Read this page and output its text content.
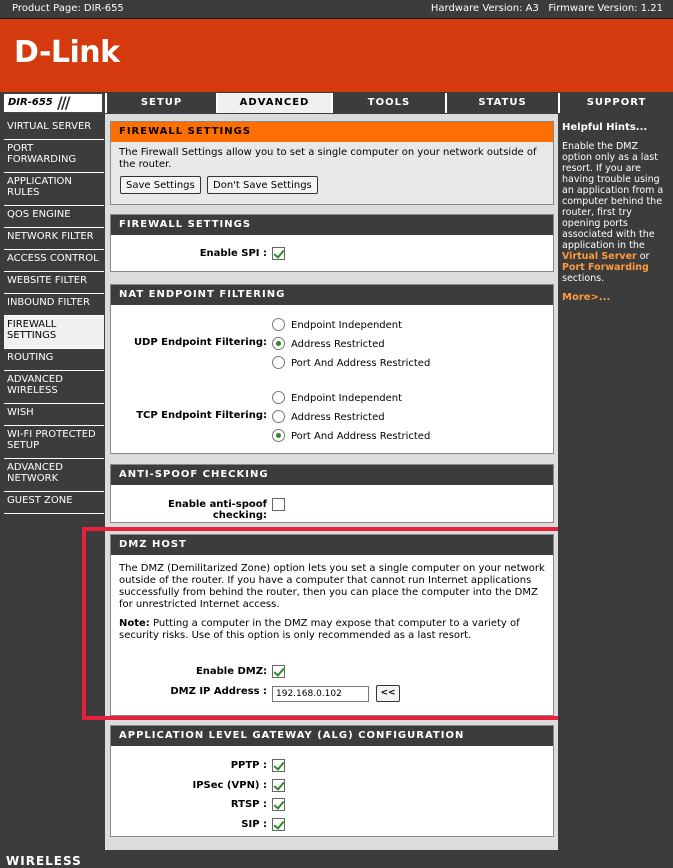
Product Page: DIR-655	Hardware Version: A3 Firmware Version: 1.21
D-Link
DIR-655 ///	SETUP	ADVANCED	TOOLS	STATUS	SUPPORT
VIRTUAL SERVER
PORT
FORWARDING
APPLICATION
RULES
QOS ENGINE
NETWORK FILTER
ACCESS CONTROL
WEBSITE FILTER
INBOUND FILTER
FIREWALL
SETTINGS
ROUTING
ADVANCED
WIRELESS
WISH
WI-FI PROTECTED
SETUP
ADVANCED
NETWORK
GUEST ZONE
FIREWALL SETTINGS
The Firewall Settings allow you to set a single computer on your network outside of the router.
Save Settings	Don't Save Settings
FIREWALL SETTINGS
Enable SPI :
NAT ENDPOINT FILTERING
UDP Endpoint Filtering:
Endpoint Independent
Address Restricted
Port And Address Restricted
TCP Endpoint Filtering:
Endpoint Independent
Address Restricted
Port And Address Restricted
ANTI-SPOOF CHECKING
Enable anti-spoof checking:
DMZ HOST
The DMZ (Demilitarized Zone) option lets you set a single computer on your network outside of the router. If you have a computer that cannot run Internet applications successfully from behind the router, then you can place the computer into the DMZ for unrestricted Internet access.
Note: Putting a computer in the DMZ may expose that computer to a variety of security risks. Use of this option is only recommended as a last resort.
Enable DMZ:
DMZ IP Address :	192.168.0.102	<<
APPLICATION LEVEL GATEWAY (ALG) CONFIGURATION
PPTP :
IPSec (VPN) :
RTSP :
SIP :
Helpful Hints...

Enable the DMZ option only as a last resort. If you are having trouble using an application from a computer behind the router, first try opening ports associated with the application in the Virtual Server or Port Forwarding sections.

More>...
WIRELESS
